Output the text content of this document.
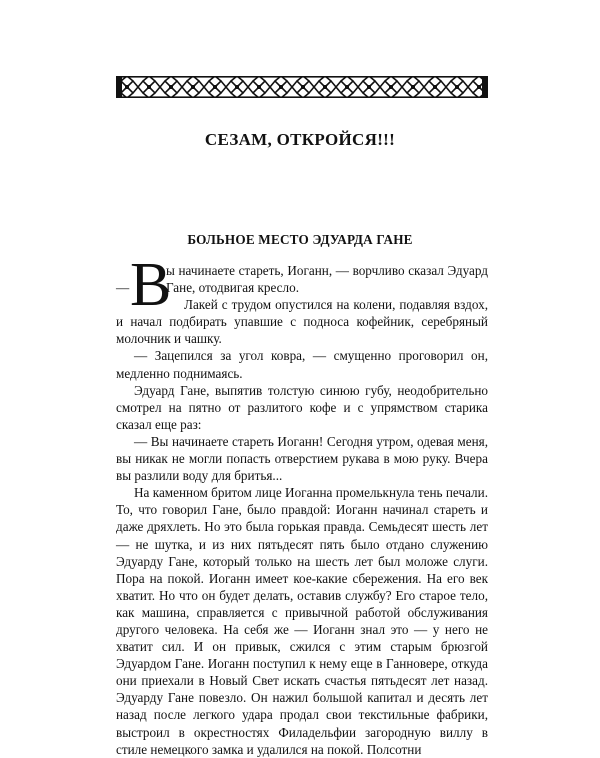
СЕЗАМ, ОТКРОЙСЯ!!!
БОЛЬНОЕ МЕСТО ЭДУАРДА ГАНЕ

— В
ы начинаете стареть, Иоганн, — ворчливо сказал Эдуард Гане, отодвигая кресло.

Лакей с трудом опустился на колени, подавляя вздох, и начал подбирать упавшие с подноса кофейник, серебряный молочник и чашку.

— Зацепился за угол ковра, — смущенно проговорил он, медленно поднимаясь.

Эдуард Гане, выпятив толстую синюю губу, неодобрительно смотрел на пятно от разлитого кофе и с упрямством старика сказал еще раз:

— Вы начинаете стареть Иоганн! Сегодня утром, одевая меня, вы никак не могли попасть отверстием рукава в мою руку. Вчера вы разлили воду для бритья...

На каменном бритом лице Иоганна промелькнула тень печали. То, что говорил Гане, было правдой: Иоганн начинал стареть и даже дряхлеть. Но это была горькая правда. Семьдесят шесть лет — не шутка, и из них пятьдесят пять было отдано служению Эдуарду Гане, который только на шесть лет был моложе слуги. Пора на покой. Иоганн имеет кое-какие сбережения. На его век хватит. Но что он будет делать, оставив службу? Его старое тело, как машина, справляется с привычной работой обслуживания другого человека. На себя же — Иоганн знал это — у него не хватит сил. И он привык, сжился с этим старым брюзгой Эдуардом Гане. Иоганн поступил к нему еще в Ганновере, откуда они приехали в Новый Свет искать счастья пятьдесят лет назад. Эдуарду Гане повезло. Он нажил большой капитал и десять лет назад после легкого удара продал свои текстильные фабрики, выстроил в окрестностях Филадельфии загородную виллу в стиле немецкого замка и удалился на покой. Полсотни
